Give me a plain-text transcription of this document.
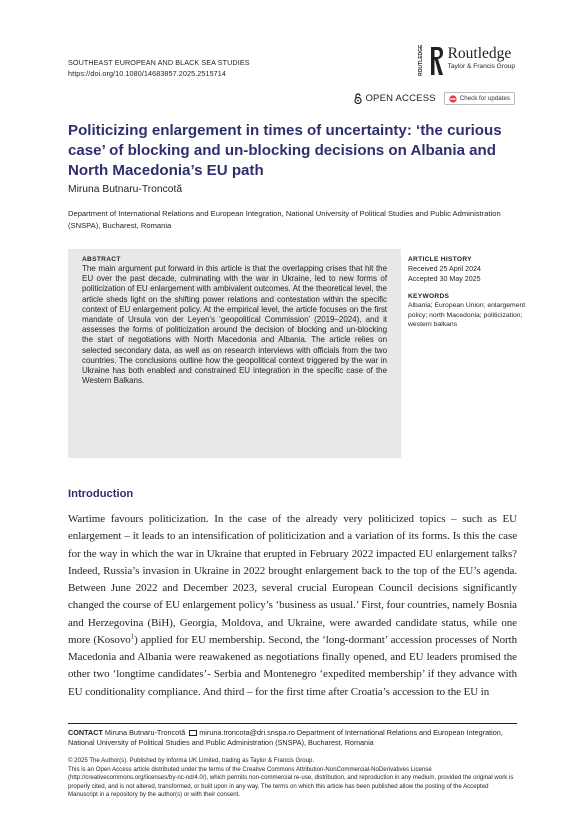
SOUTHEAST EUROPEAN AND BLACK SEA STUDIES
https://doi.org/10.1080/14683857.2025.2515714	ROUTLEDGE Routledge
Taylor & Francis Group
OPEN ACCESS	Check for updates
Politicizing enlargement in times of uncertainty: ‘the curious case’ of blocking and un-blocking decisions on Albania and North Macedonia’s EU path
Miruna Butnaru-Troncotă
Department of International Relations and European Integration, National University of Political Studies and Public Administration (SNSPA), Bucharest, Romania
ABSTRACT
The main argument put forward in this article is that the overlapping crises that hit the EU over the past decade, culminating with the war in Ukraine, led to new forms of politicization of EU enlargement with ambivalent outcomes. At the theoretical level, the article sheds light on the shifting power relations and contestation within the specific context of EU enlargement policy. At the empirical level, the article focuses on the first mandate of Ursula von der Leyen’s ‘geopolitical Commission’ (2019–2024), and it assesses the forms of politicization around the decision of blocking and un-blocking the start of negotiations with North Macedonia and Albania. The article relies on selected secondary data, as well as on research interviews with officials from the two countries. The conclusions outline how the geopolitical context triggered by the war in Ukraine has both enabled and constrained EU integration in the specific case of the Western Balkans.
ARTICLE HISTORY
Received 25 April 2024
Accepted 30 May 2025
KEYWORDS
Albania; European Union; enlargement policy; north Macedonia; politicization; western balkans
Introduction
Wartime favours politicization. In the case of the already very politicized topics – such as EU enlargement – it leads to an intensification of politicization and a variation of its forms. Is this the case for the way in which the war in Ukraine that erupted in February 2022 impacted EU enlargement talks? Indeed, Russia’s invasion in Ukraine in 2022 brought enlargement back to the top of the EU’s agenda. Between June 2022 and December 2023, several crucial European Council decisions significantly changed the course of EU enlargement policy’s ‘business as usual.’ First, four countries, namely Bosnia and Herzegovina (BiH), Georgia, Moldova, and Ukraine, were awarded candidate status, while one more (Kosovo$^1$) applied for EU membership. Second, the ‘long-dormant’ accession processes of North Macedonia and Albania were reawakened as negotiations finally opened, and EU leaders promised the other two ‘longtime candidates’- Serbia and Montenegro ‘expedited membership’ if they advance with EU conditionality compliance. And third – for the first time after Croatia’s accession to the EU in
CONTACT Miruna Butnaru-Troncotă miruna.troncota@dri.snspa.ro Department of International Relations and European Integration, National University of Political Studies and Public Administration (SNSPA), Bucharest, Romania
© 2025 The Author(s). Published by Informa UK Limited, trading as Taylor & Francis Group.
This is an Open Access article distributed under the terms of the Creative Commons Attribution-NonCommercial-NoDerivatives License (http://creativecommons.org/licenses/by-nc-nd/4.0/), which permits non-commercial re-use, distribution, and reproduction in any medium, provided the original work is properly cited, and is not altered, transformed, or built upon in any way. The terms on which this article has been published allow the posting of the Accepted Manuscript in a repository by the author(s) or with their consent.
